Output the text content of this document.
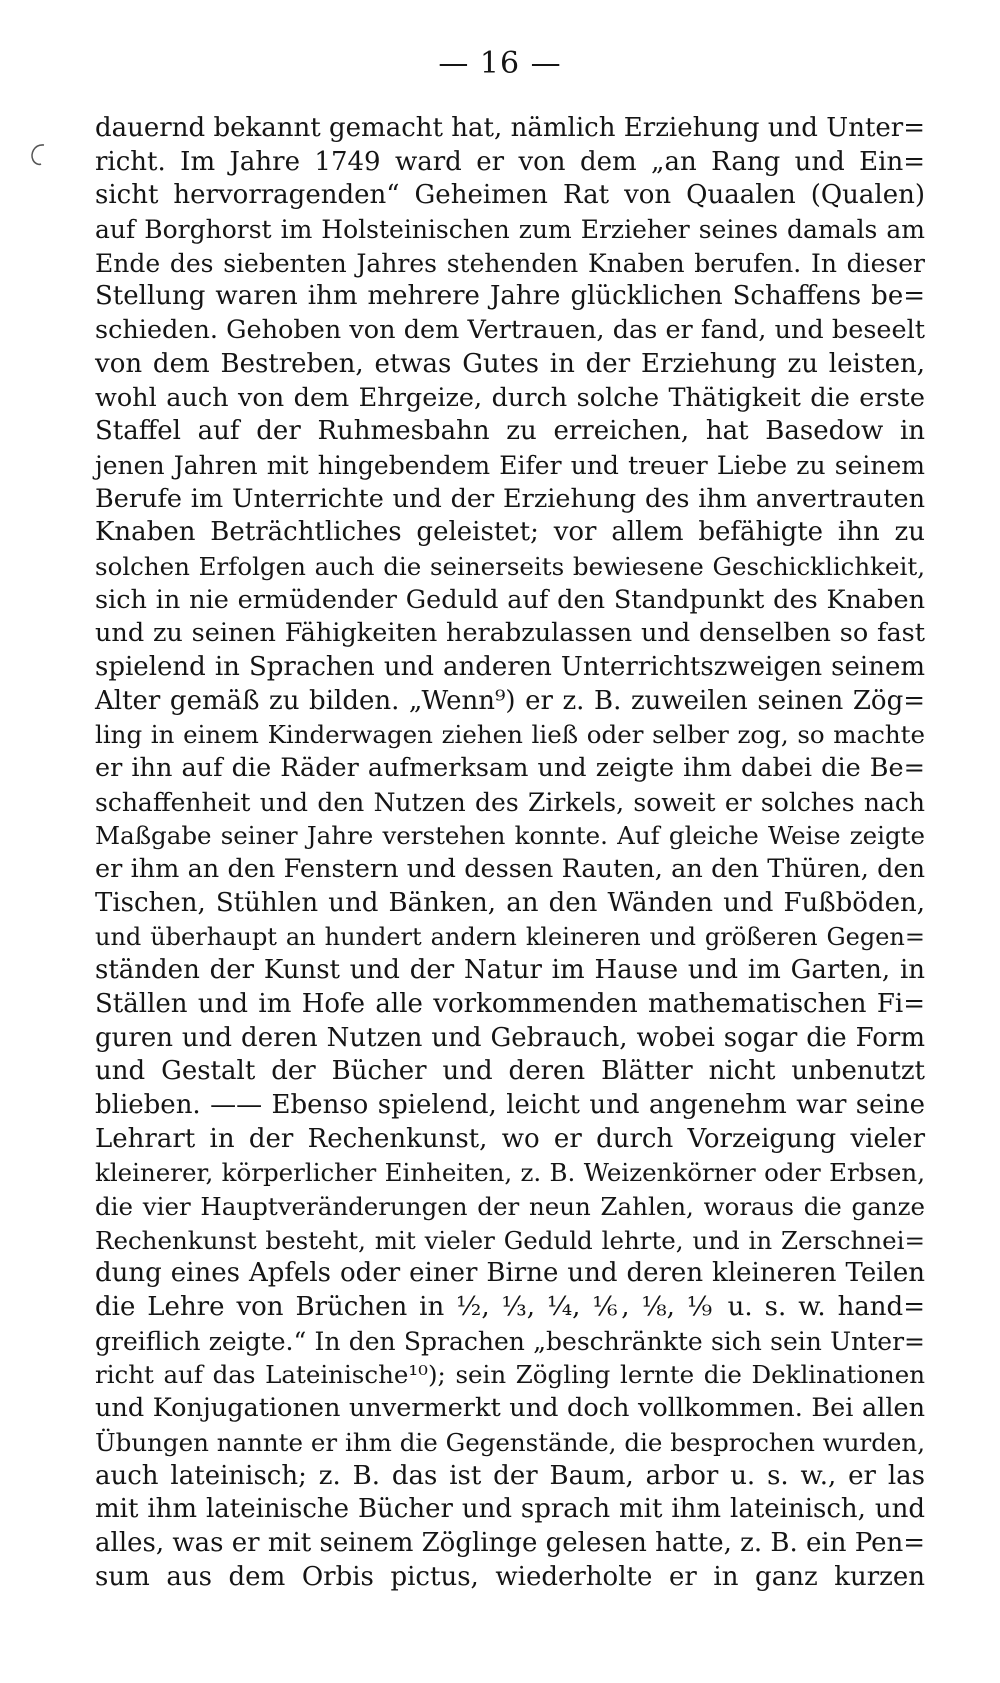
— 16 —
dauernd bekannt gemacht hat, nämlich Erziehung und Unter=
richt. Im Jahre 1749 ward er von dem „an Rang und Ein=
sicht hervorragenden“ Geheimen Rat von Quaalen (Qualen)
auf Borghorst im Holsteinischen zum Erzieher seines damals am
Ende des siebenten Jahres stehenden Knaben berufen. In dieser
Stellung waren ihm mehrere Jahre glücklichen Schaffens be=
schieden. Gehoben von dem Vertrauen, das er fand, und beseelt
von dem Bestreben, etwas Gutes in der Erziehung zu leisten,
wohl auch von dem Ehrgeize, durch solche Thätigkeit die erste
Staffel auf der Ruhmesbahn zu erreichen, hat Basedow in
jenen Jahren mit hingebendem Eifer und treuer Liebe zu seinem
Berufe im Unterrichte und der Erziehung des ihm anvertrauten
Knaben Beträchtliches geleistet; vor allem befähigte ihn zu
solchen Erfolgen auch die seinerseits bewiesene Geschicklichkeit,
sich in nie ermüdender Geduld auf den Standpunkt des Knaben
und zu seinen Fähigkeiten herabzulassen und denselben so fast
spielend in Sprachen und anderen Unterrichtszweigen seinem
Alter gemäß zu bilden. „Wenn⁹) er z. B. zuweilen seinen Zög=
ling in einem Kinderwagen ziehen ließ oder selber zog, so machte
er ihn auf die Räder aufmerksam und zeigte ihm dabei die Be=
schaffenheit und den Nutzen des Zirkels, soweit er solches nach
Maßgabe seiner Jahre verstehen konnte. Auf gleiche Weise zeigte
er ihm an den Fenstern und dessen Rauten, an den Thüren, den
Tischen, Stühlen und Bänken, an den Wänden und Fußböden,
und überhaupt an hundert andern kleineren und größeren Gegen=
ständen der Kunst und der Natur im Hause und im Garten, in
Ställen und im Hofe alle vorkommenden mathematischen Fi=
guren und deren Nutzen und Gebrauch, wobei sogar die Form
und Gestalt der Bücher und deren Blätter nicht unbenutzt
blieben. —— Ebenso spielend, leicht und angenehm war seine
Lehrart in der Rechenkunst, wo er durch Vorzeigung vieler
kleinerer, körperlicher Einheiten, z. B. Weizenkörner oder Erbsen,
die vier Hauptveränderungen der neun Zahlen, woraus die ganze
Rechenkunst besteht, mit vieler Geduld lehrte, und in Zerschnei=
dung eines Apfels oder einer Birne und deren kleineren Teilen
die Lehre von Brüchen in ½, ⅓, ¼, ⅙, ⅛, ⅑ u. s. w. hand=
greiflich zeigte.“ In den Sprachen „beschränkte sich sein Unter=
richt auf das Lateinische¹⁰); sein Zögling lernte die Deklinationen
und Konjugationen unvermerkt und doch vollkommen. Bei allen
Übungen nannte er ihm die Gegenstände, die besprochen wurden,
auch lateinisch; z. B. das ist der Baum, arbor u. s. w., er las
mit ihm lateinische Bücher und sprach mit ihm lateinisch, und
alles, was er mit seinem Zöglinge gelesen hatte, z. B. ein Pen=
sum aus dem Orbis pictus, wiederholte er in ganz kurzen
